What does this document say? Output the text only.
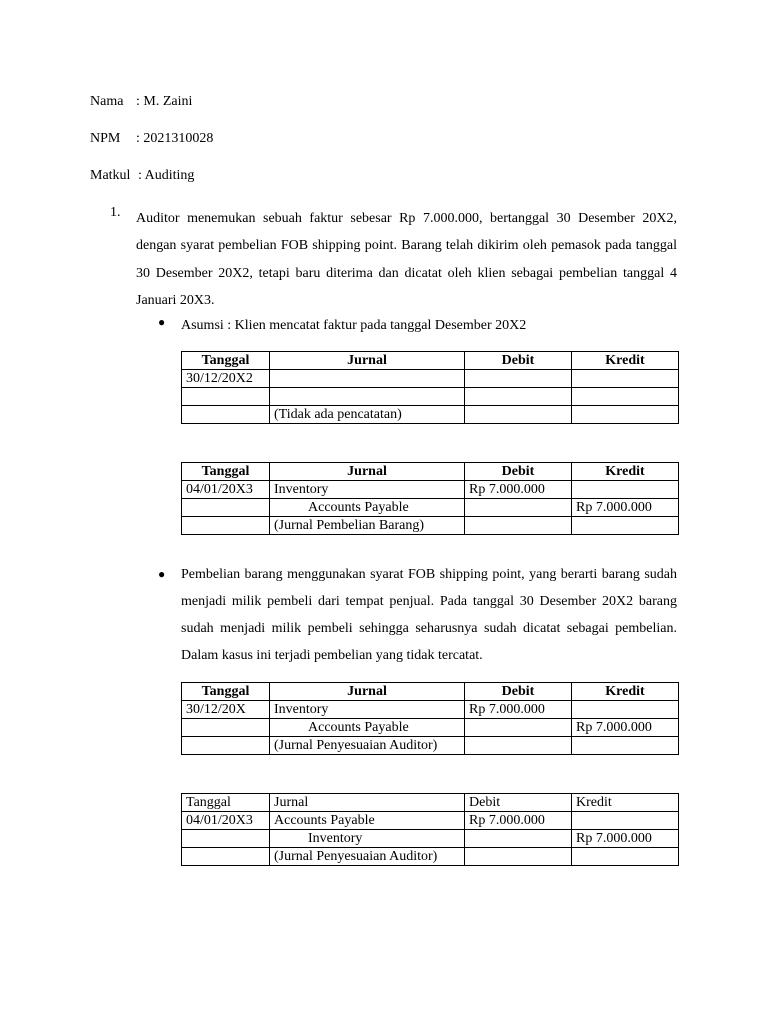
Nama : M. Zaini
NPM : 2021310028
Matkul : Auditing
1. Auditor menemukan sebuah faktur sebesar Rp 7.000.000, bertanggal 30 Desember 20X2, dengan syarat pembelian FOB shipping point. Barang telah dikirim oleh pemasok pada tanggal 30 Desember 20X2, tetapi baru diterima dan dicatat oleh klien sebagai pembelian tanggal 4 Januari 20X3.
● Asumsi : Klien mencatat faktur pada tanggal Desember 20X2
Tanggal	Jurnal	Debit	Kredit
30/12/20X2			

	(Tidak ada pencatatan)		
Tanggal	Jurnal	Debit	Kredit
04/01/20X3	Inventory	Rp 7.000.000	
	Accounts Payable		Rp 7.000.000
	(Jurnal Pembelian Barang)		
● Pembelian barang menggunakan syarat FOB shipping point, yang berarti barang sudah menjadi milik pembeli dari tempat penjual. Pada tanggal 30 Desember 20X2 barang sudah menjadi milik pembeli sehingga seharusnya sudah dicatat sebagai pembelian. Dalam kasus ini terjadi pembelian yang tidak tercatat.
Tanggal	Jurnal	Debit	Kredit
30/12/20X	Inventory	Rp 7.000.000	
	Accounts Payable		Rp 7.000.000
	(Jurnal Penyesuaian Auditor)		
Tanggal	Jurnal	Debit	Kredit
04/01/20X3	Accounts Payable	Rp 7.000.000	
	Inventory		Rp 7.000.000
	(Jurnal Penyesuaian Auditor)		
